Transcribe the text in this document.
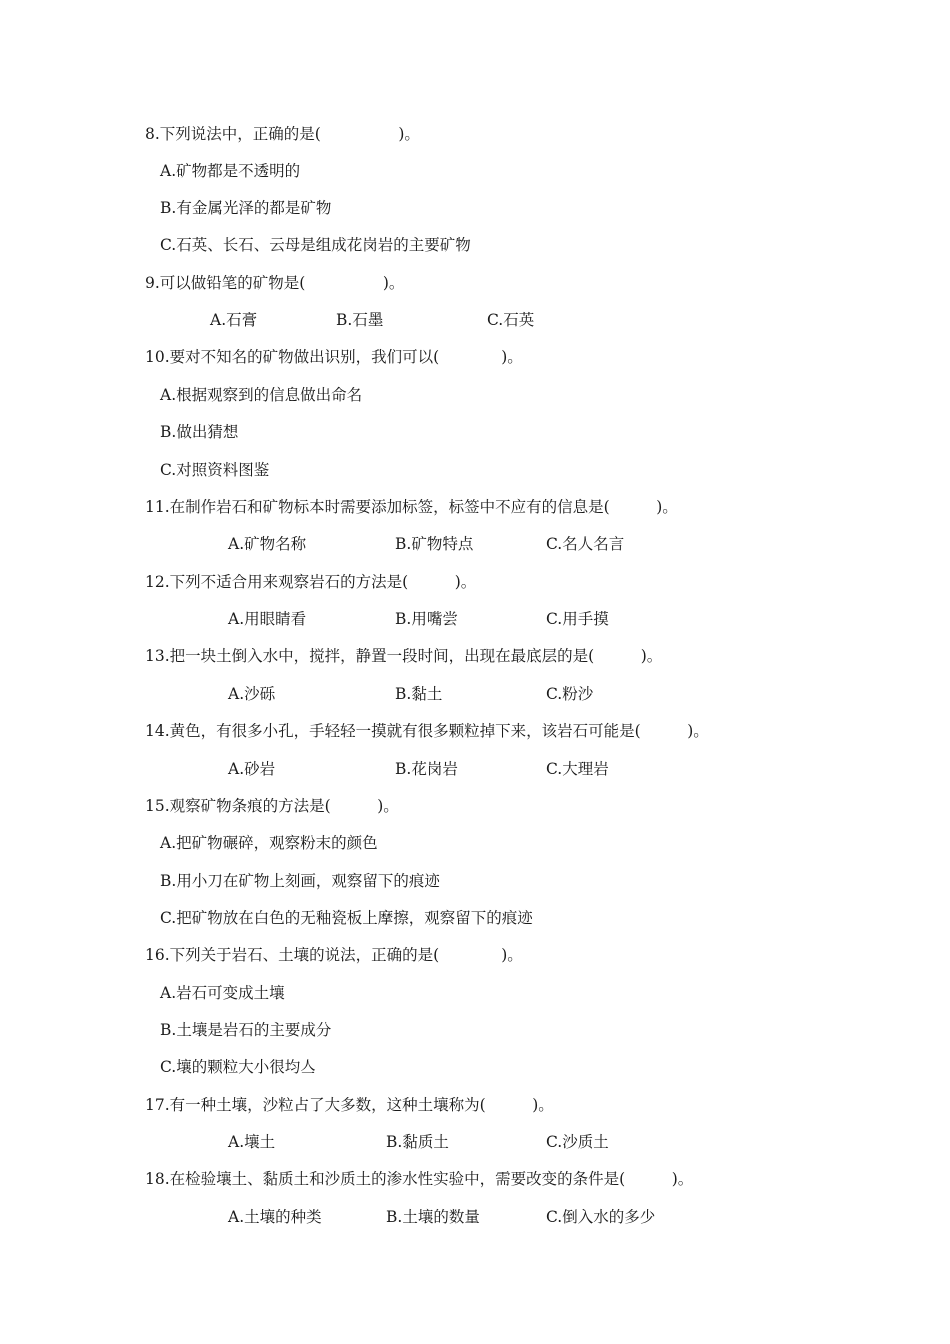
8.下列说法中，正确的是(　　　　　)。
A.矿物都是不透明的
B.有金属光泽的都是矿物
C.石英、长石、云母是组成花岗岩的主要矿物
9.可以做铅笔的矿物是(　　　　　)。
A.石膏	B.石墨	C.石英
10.要对不知名的矿物做出识别，我们可以(　　　　)。
A.根据观察到的信息做出命名
B.做出猜想
C.对照资料图鉴
11.在制作岩石和矿物标本时需要添加标签，标签中不应有的信息是(　　　)。
A.矿物名称	B.矿物特点	C.名人名言
12.下列不适合用来观察岩石的方法是(　　　)。
A.用眼睛看	B.用嘴尝	C.用手摸
13.把一块土倒入水中，搅拌，静置一段时间，出现在最底层的是(　　　)。
A.沙砾	B.黏土	C.粉沙
14.黄色，有很多小孔，手轻轻一摸就有很多颗粒掉下来，该岩石可能是(　　　)。
A.砂岩	B.花岗岩	C.大理岩
15.观察矿物条痕的方法是(　　　)。
A.把矿物碾碎，观察粉末的颜色
B.用小刀在矿物上刻画，观察留下的痕迹
C.把矿物放在白色的无釉瓷板上摩擦，观察留下的痕迹
16.下列关于岩石、土壤的说法，正确的是(　　　　)。
A.岩石可变成土壤
B.土壤是岩石的主要成分
C.壤的颗粒大小很均亼
17.有一种土壤，沙粒占了大多数，这种土壤称为(　　　)。
A.壤土	B.黏质土	C.沙质土
18.在检验壤土、黏质土和沙质土的渗水性实验中，需要改变的条件是(　　　)。
A.土壤的种类	B.土壤的数量	C.倒入水的多少
